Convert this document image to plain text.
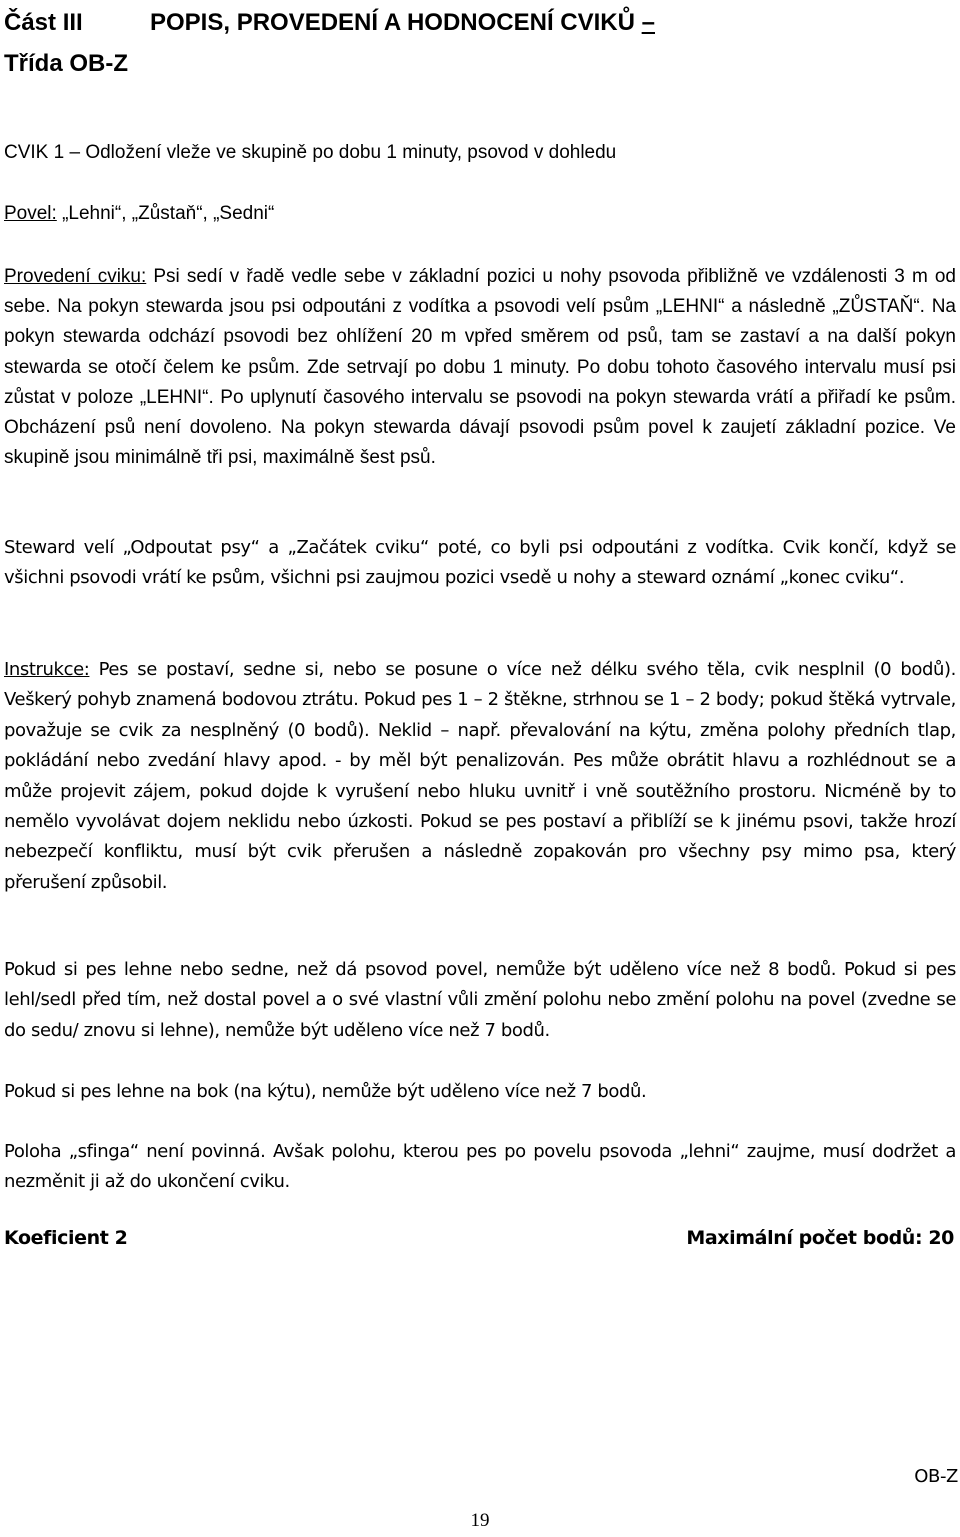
Část III	POPIS, PROVEDENÍ A HODNOCENÍ CVIKŮ –
Třída OB-Z
CVIK 1 – Odložení vleže ve skupině po dobu 1 minuty, psovod v dohledu
Povel: „Lehni“, „Zůstaň“, „Sedni“

Provedení cviku: Psi sedí v řadě vedle sebe v základní pozici u nohy psovoda přibližně ve vzdálenosti 3 m od sebe. Na pokyn stewarda jsou psi odpoutáni z vodítka a psovodi velí psům „LEHNI“ a následně „ZŮSTAŇ“. Na pokyn stewarda odchází psovodi bez ohlížení 20 m vpřed směrem od psů, tam se zastaví a na další pokyn stewarda se otočí čelem ke psům. Zde setrvají po dobu 1 minuty. Po dobu tohoto časového intervalu musí psi zůstat v poloze „LEHNI“. Po uplynutí časového intervalu se psovodi na pokyn stewarda vrátí a přiřadí ke psům. Obcházení psů není dovoleno. Na pokyn stewarda dávají psovodi psům povel k zaujetí základní pozice. Ve skupině jsou minimálně tři psi, maximálně šest psů.

Steward velí „Odpoutat psy“ a „Začátek cviku“ poté, co byli psi odpoutáni z vodítka. Cvik končí, když se všichni psovodi vrátí ke psům, všichni psi zaujmou pozici vsedě u nohy a steward oznámí „konec cviku“.

Instrukce: Pes se postaví, sedne si, nebo se posune o více než délku svého těla, cvik nesplnil (0 bodů). Veškerý pohyb znamená bodovou ztrátu. Pokud pes 1 – 2 štěkne, strhnou se 1 – 2 body; pokud štěká vytrvale, považuje se cvik za nesplněný (0 bodů). Neklid – např. převalování na kýtu, změna polohy předních tlap, pokládání nebo zvedání hlavy apod. - by měl být penalizován. Pes může obrátit hlavu a rozhlédnout se a může projevit zájem, pokud dojde k vyrušení nebo hluku uvnitř i vně soutěžního prostoru. Nicméně by to nemělo vyvolávat dojem neklidu nebo úzkosti. Pokud se pes postaví a přiblíží se k jinému psovi, takže hrozí nebezpečí konfliktu, musí být cvik přerušen a následně zopakován pro všechny psy mimo psa, který přerušení způsobil.

Pokud si pes lehne nebo sedne, než dá psovod povel, nemůže být uděleno více než 8 bodů. Pokud si pes lehl/sedl před tím, než dostal povel a o své vlastní vůli změní polohu nebo změní polohu na povel (zvedne se do sedu/ znovu si lehne), nemůže být uděleno více než 7 bodů.

Pokud si pes lehne na bok (na kýtu), nemůže být uděleno více než 7 bodů.

Poloha „sfinga“ není povinná. Avšak polohu, kterou pes po povelu psovoda „lehni“ zaujme, musí dodržet a nezměnit ji až do ukončení cviku.

Koeficient 2	Maximální počet bodů: 20
OB-Z
19
